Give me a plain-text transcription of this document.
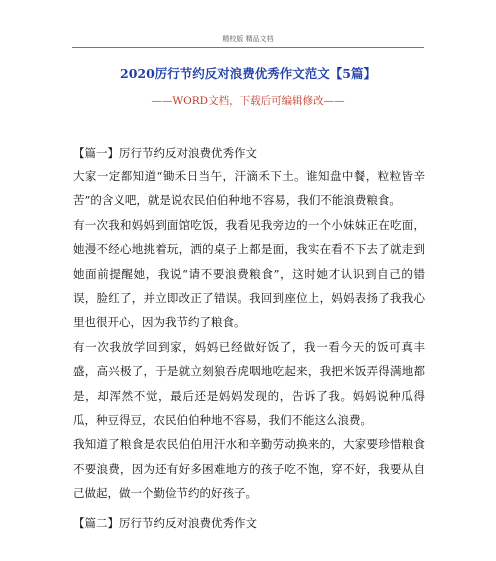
精校版 精品文档
2020厉行节约反对浪费优秀作文范文【5篇】
——WORD文档，下载后可编辑修改——
【篇一】厉行节约反对浪费优秀作文

大家一定都知道“锄禾日当午，汗滴禾下土。谁知盘中餐，粒粒皆辛苦”的含义吧，就是说农民伯伯种地不容易，我们不能浪费粮食。

有一次我和妈妈到面馆吃饭，我看见我旁边的一个小妹妹正在吃面，她漫不经心地挑着玩，洒的桌子上都是面，我实在看不下去了就走到她面前提醒她，我说“请不要浪费粮食”，这时她才认识到自己的错误，脸红了，并立即改正了错误。我回到座位上，妈妈表扬了我我心里也很开心，因为我节约了粮食。

有一次我放学回到家，妈妈已经做好饭了，我一看今天的饭可真丰盛，高兴极了，于是就立刻狼吞虎咽地吃起来，我把米饭弄得满地都是，却浑然不觉，最后还是妈妈发现的，告诉了我。妈妈说种瓜得瓜，种豆得豆，农民伯伯种地不容易，我们不能这么浪费。

我知道了粮食是农民伯伯用汗水和辛勤劳动换来的，大家要珍惜粮食不要浪费，因为还有好多困难地方的孩子吃不饱，穿不好，我要从自己做起，做一个勤俭节约的好孩子。

【篇二】厉行节约反对浪费优秀作文
